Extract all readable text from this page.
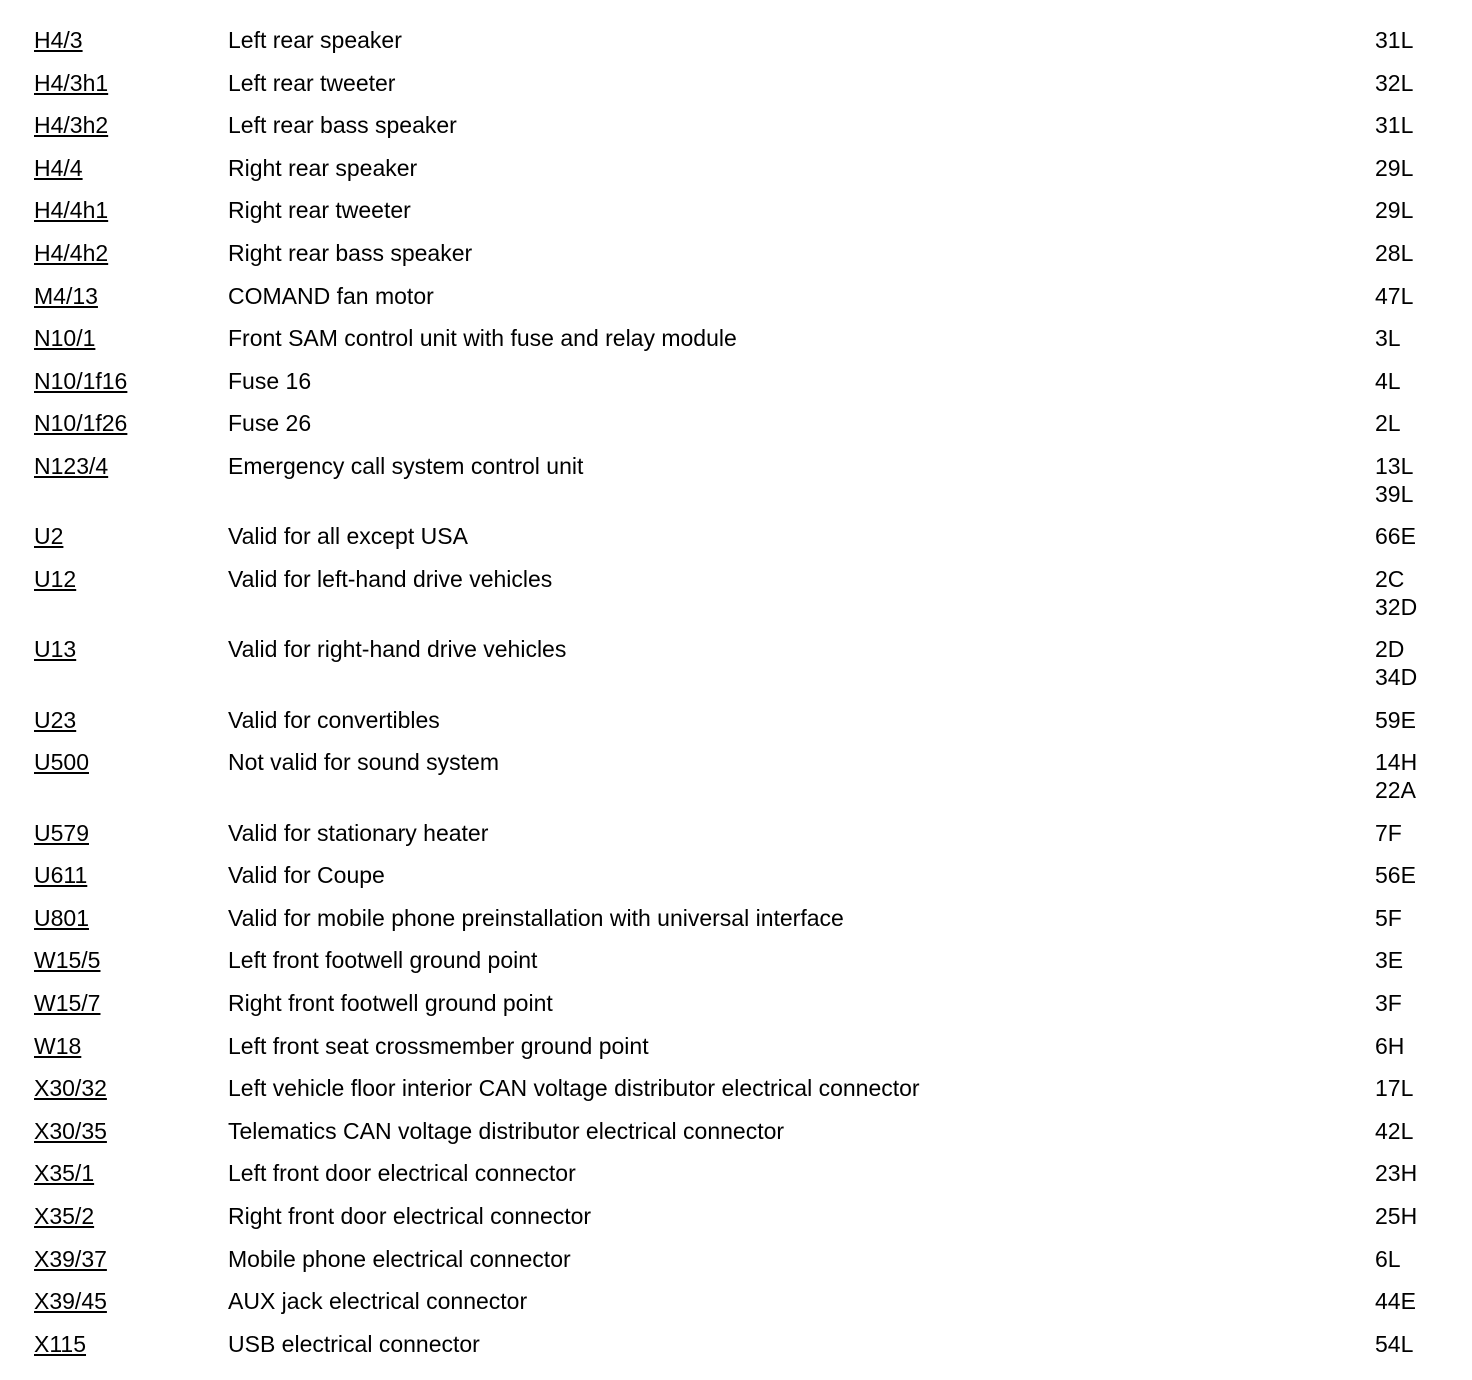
H4/3	Left rear speaker	31L
H4/3h1	Left rear tweeter	32L
H4/3h2	Left rear bass speaker	31L
H4/4	Right rear speaker	29L
H4/4h1	Right rear tweeter	29L
H4/4h2	Right rear bass speaker	28L
M4/13	COMAND fan motor	47L
N10/1	Front SAM control unit with fuse and relay module	3L
N10/1f16	Fuse 16	4L
N10/1f26	Fuse 26	2L
N123/4	Emergency call system control unit	13L
39L
U2	Valid for all except USA	66E
U12	Valid for left-hand drive vehicles	2C
32D
U13	Valid for right-hand drive vehicles	2D
34D
U23	Valid for convertibles	59E
U500	Not valid for sound system	14H
22A
U579	Valid for stationary heater	7F
U611	Valid for Coupe	56E
U801	Valid for mobile phone preinstallation with universal interface	5F
W15/5	Left front footwell ground point	3E
W15/7	Right front footwell ground point	3F
W18	Left front seat crossmember ground point	6H
X30/32	Left vehicle floor interior CAN voltage distributor electrical connector	17L
X30/35	Telematics CAN voltage distributor electrical connector	42L
X35/1	Left front door electrical connector	23H
X35/2	Right front door electrical connector	25H
X39/37	Mobile phone electrical connector	6L
X39/45	AUX jack electrical connector	44E
X115	USB electrical connector	54L
